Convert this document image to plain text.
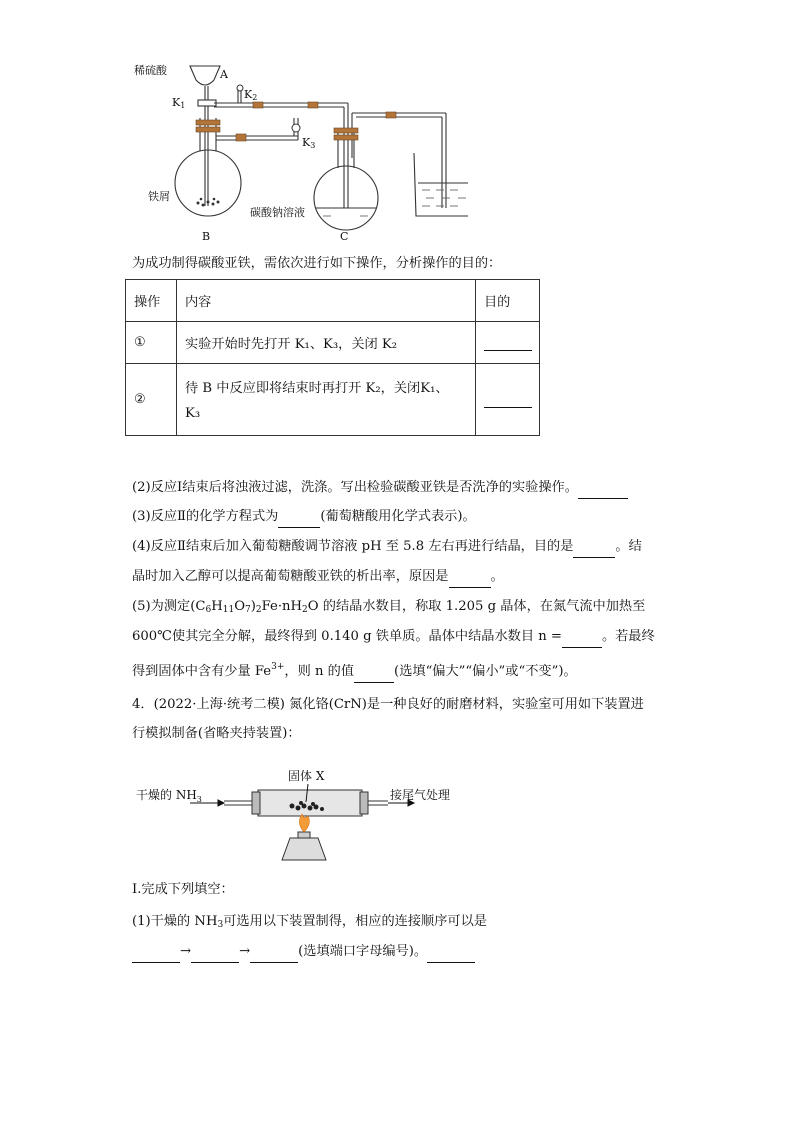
稀硫酸	A
K1
K2
K3
铁屑
碳酸钠溶液
B	C
为成功制得碳酸亚铁，需依次进行如下操作，分析操作的目的：
操作	内容	目的
①	实验开始时先打开 K₁、K₃，关闭 K₂	
②	待 B 中反应即将结束时再打开 K₂，关闭K₁、
K₃	

(2)反应Ⅰ结束后将浊液过滤，洗涤。写出检验碳酸亚铁是否洗净的实验操作。
(3)反应Ⅱ的化学方程式为	(葡萄糖酸用化学式表示)。
(4)反应Ⅱ结束后加入葡萄糖酸调节溶液 pH 至 5.8 左右再进行结晶，目的是	。结
晶时加入乙醇可以提高葡萄糖酸亚铁的析出率，原因是	。
(5)为测定$(C_6H_{11}O_7)_2Fe\cdot nH_2O$ 的结晶水数目，称取 1.205 g 晶体，在氮气流中加热至
600℃使其完全分解，最终得到 0.140 g 铁单质。晶体中结晶水数目 n =	。若最终
得到固体中含有少量 $Fe^{3+}$，则 n 的值	(选填“偏大”“偏小”或“不变”)。
4．(2022·上海·统考二模) 氮化铬(CrN)是一种良好的耐磨材料，实验室可用如下装置进
行模拟制备(省略夹持装置)：
固体 X
干燥的 $NH_3$	接尾气处理
Ⅰ.完成下列填空：
(1)干燥的 $NH_3$可选用以下装置制得，相应的连接顺序可以是
→	→	(选填端口字母编号)。
